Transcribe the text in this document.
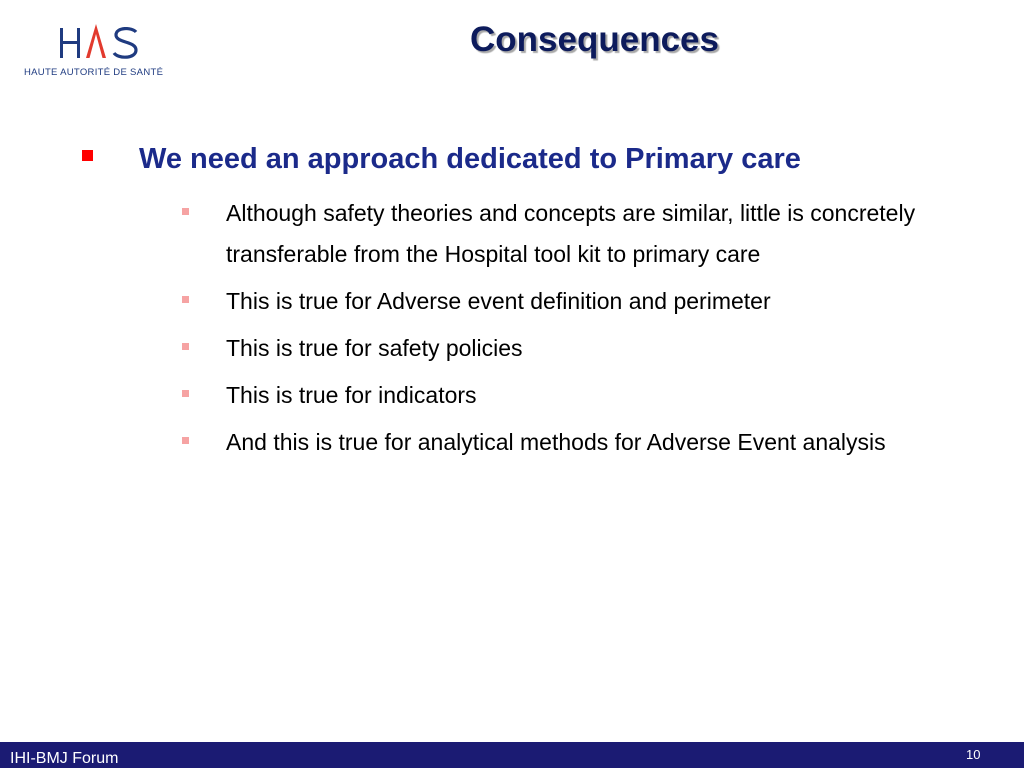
HAUTE AUTORITÉ DE SANTÉ
Consequences
We need an approach dedicated to Primary care
Although safety theories and concepts are similar, little is concretely transferable from the Hospital tool kit to primary care
This is true for Adverse event definition and perimeter
This is true for safety policies
This is true for indicators
And this is true for analytical methods for Adverse Event analysis
IHI-BMJ Forum	10
